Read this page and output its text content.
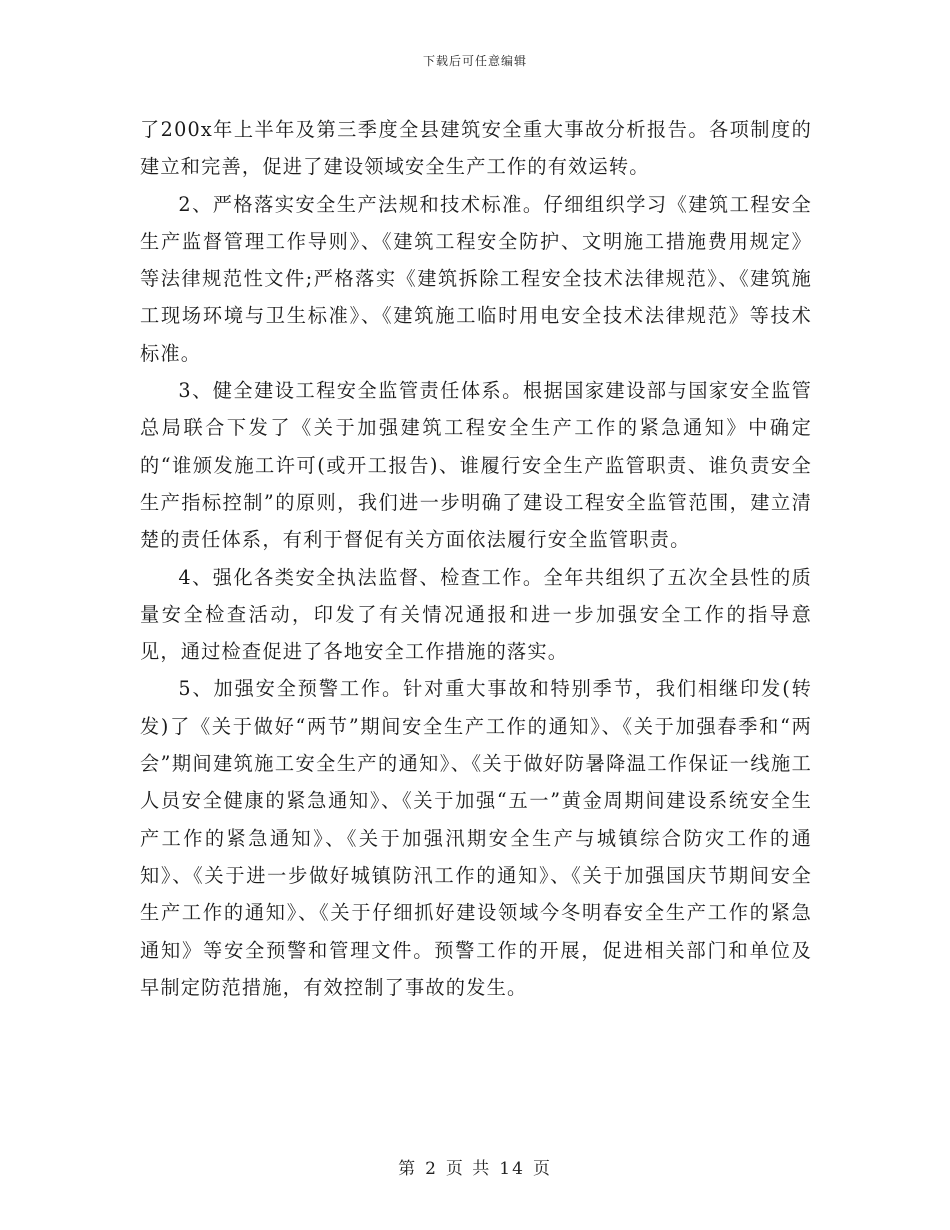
下载后可任意编辑

了200x年上半年及第三季度全县建筑安全重大事故分析报告。各项制度的建立和完善，促进了建设领域安全生产工作的有效运转。

2、严格落实安全生产法规和技术标准。仔细组织学习《建筑工程安全生产监督管理工作导则》、《建筑工程安全防护、文明施工措施费用规定》等法律规范性文件;严格落实《建筑拆除工程安全技术法律规范》、《建筑施工现场环境与卫生标准》、《建筑施工临时用电安全技术法律规范》等技术标准。

3、健全建设工程安全监管责任体系。根据国家建设部与国家安全监管总局联合下发了《关于加强建筑工程安全生产工作的紧急通知》中确定的“谁颁发施工许可(或开工报告)、谁履行安全生产监管职责、谁负责安全生产指标控制”的原则，我们进一步明确了建设工程安全监管范围，建立清楚的责任体系，有利于督促有关方面依法履行安全监管职责。

4、强化各类安全执法监督、检查工作。全年共组织了五次全县性的质量安全检查活动，印发了有关情况通报和进一步加强安全工作的指导意见，通过检查促进了各地安全工作措施的落实。

5、加强安全预警工作。针对重大事故和特别季节，我们相继印发(转发)了《关于做好“两节”期间安全生产工作的通知》、《关于加强春季和“两会”期间建筑施工安全生产的通知》、《关于做好防暑降温工作保证一线施工人员安全健康的紧急通知》、《关于加强“五一”黄金周期间建设系统安全生产工作的紧急通知》、《关于加强汛期安全生产与城镇综合防灾工作的通知》、《关于进一步做好城镇防汛工作的通知》、《关于加强国庆节期间安全生产工作的通知》、《关于仔细抓好建设领域今冬明春安全生产工作的紧急通知》等安全预警和管理文件。预警工作的开展，促进相关部门和单位及早制定防范措施，有效控制了事故的发生。

第 2 页 共 14 页
